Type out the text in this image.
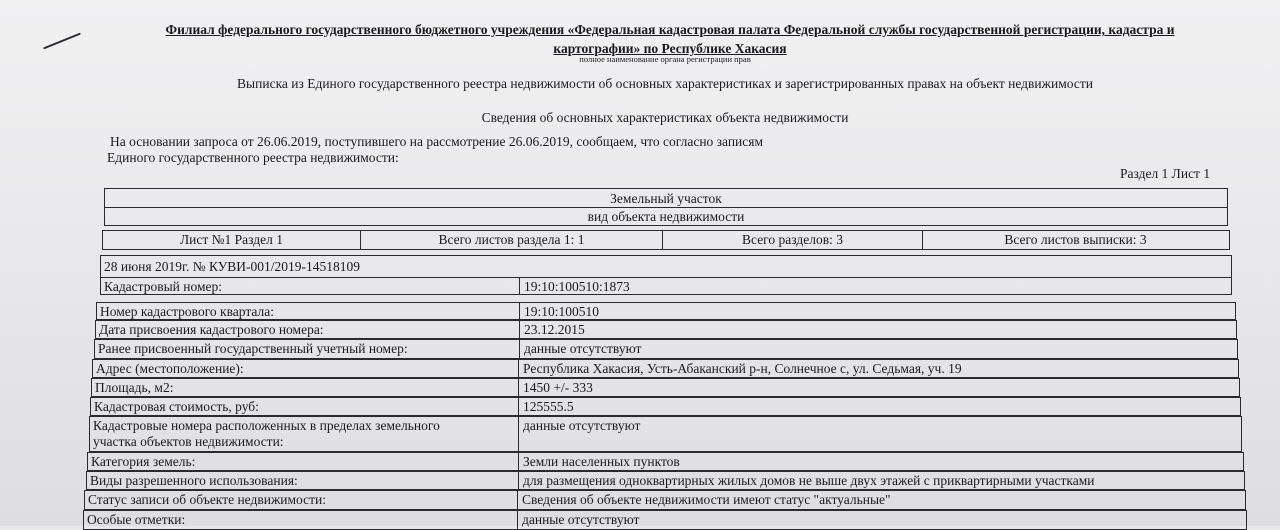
Филиал федерального государственного бюджетного учреждения «Федеральная кадастровая палата Федеральной службы государственной регистрации, кадастра и картографии» по Республике Хакасия
полное наименование органа регистрации прав
Выписка из Единого государственного реестра недвижимости об основных характеристиках и зарегистрированных правах на объект недвижимости
Сведения об основных характеристиках объекта недвижимости
На основании запроса от 26.06.2019, поступившего на рассмотрение 26.06.2019, сообщаем, что согласно записям
Единого государственного реестра недвижимости:
Раздел 1 Лист 1
Земельный участок
вид объекта недвижимости
Лист №1 Раздел 1	Всего листов раздела 1: 1	Всего разделов: 3	Всего листов выписки: 3
28 июня 2019г. № КУВИ-001/2019-14518109
Кадастровый номер:	19:10:100510:1873
Номер кадастрового квартала:	19:10:100510
Дата присвоения кадастрового номера:	23.12.2015
Ранее присвоенный государственный учетный номер:	данные отсутствуют
Адрес (местоположение):	Республика Хакасия, Усть-Абаканский р-н, Солнечное с, ул. Седьмая, уч. 19
Площадь, м2:	1450 +/- 333
Кадастровая стоимость, руб:	125555.5
Кадастровые номера расположенных в пределах земельного
участка объектов недвижимости:
данные отсутствуют
Категория земель:	Земли населенных пунктов
Виды разрешенного использования:	для размещения одноквартирных жилых домов не выше двух этажей с приквартирными участками
Статус записи об объекте недвижимости:	Сведения об объекте недвижимости имеют статус "актуальные"
Особые отметки:	данные отсутствуют
